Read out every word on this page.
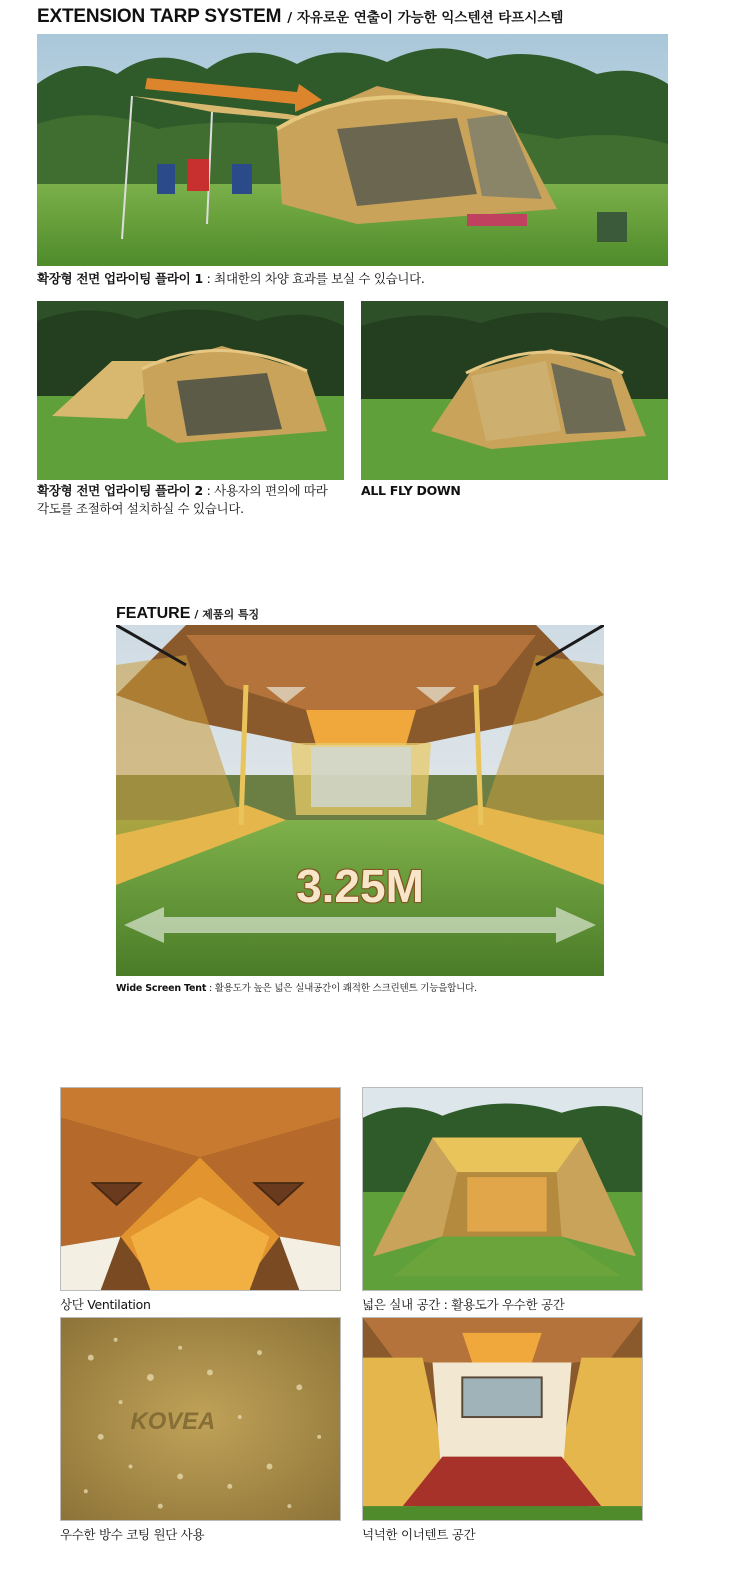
EXTENSION TARP SYSTEM / 자유로운 연출이 가능한 익스텐션 타프시스템
확장형 전면 업라이팅 플라이 1 : 최대한의 차양 효과를 보실 수 있습니다.
확장형 전면 업라이팅 플라이 2 : 사용자의 편의에 따라
각도를 조절하여 설치하실 수 있습니다.
ALL FLY DOWN
FEATURE / 제품의 특징
3.25M
Wide Screen Tent : 활용도가 높은 넓은 실내공간이 쾌적한 스크린텐트 기능을합니다.
상단 Ventilation	넓은 실내 공간 : 활용도가 우수한 공간
KOVEA
우수한 방수 코팅 원단 사용	넉넉한 이너텐트 공간
